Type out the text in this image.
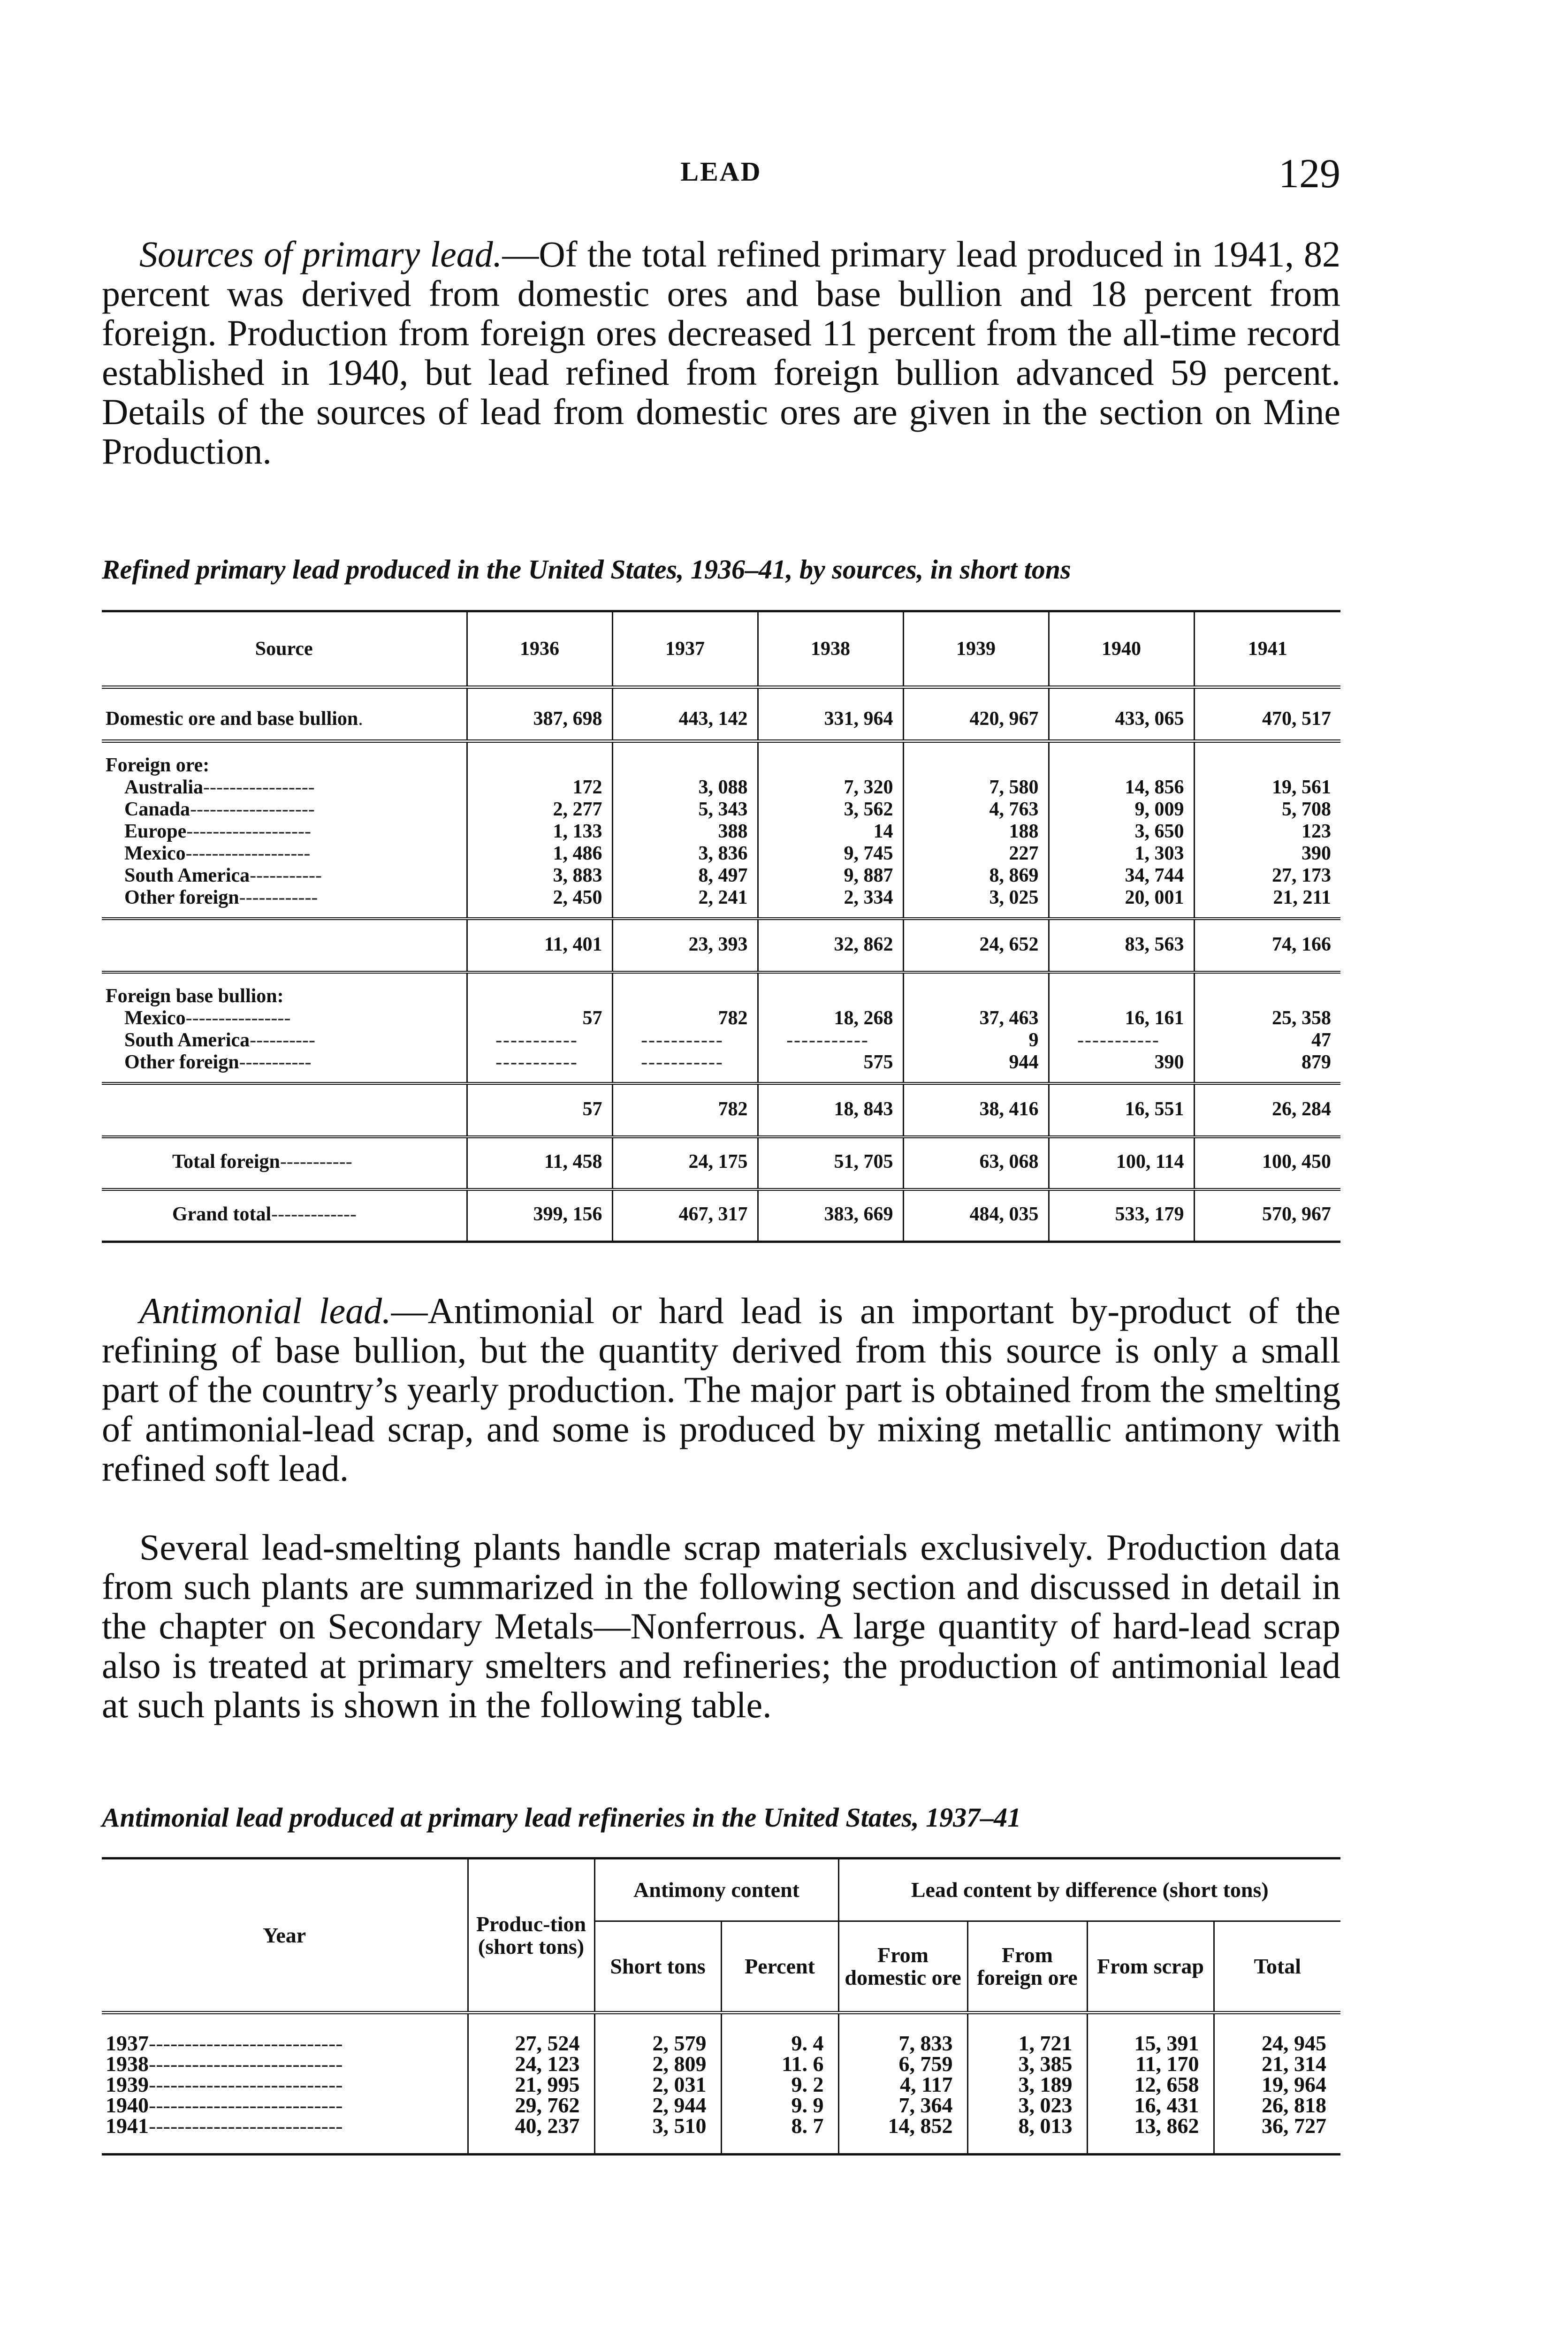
LEAD	129

Sources of primary lead.—Of the total refined primary lead produced in 1941, 82 percent was derived from domestic ores and base bullion and 18 percent from foreign. Production from foreign ores decreased 11 percent from the all-time record established in 1940, but lead refined from foreign bullion advanced 59 percent. Details of the sources of lead from domestic ores are given in the section on Mine Production.

Refined primary lead produced in the United States, 1936–41, by sources, in short tons

Source	1936	1937	1938	1939	1940	1941
Domestic ore and base bullion.	387, 698	443, 142	331, 964	420, 967	433, 065	470, 517
Foreign ore:						
Australia-----------------	172	3, 088	7, 320	7, 580	14, 856	19, 561
Canada-------------------	2, 277	5, 343	3, 562	4, 763	9, 009	5, 708
Europe-------------------	1, 133	388	14	188	3, 650	123
Mexico-------------------	1, 486	3, 836	9, 745	227	1, 303	390
South America-----------	3, 883	8, 497	9, 887	8, 869	34, 744	27, 173
Other foreign------------	2, 450	2, 241	2, 334	3, 025	20, 001	21, 211
	11, 401	23, 393	32, 862	24, 652	83, 563	74, 166
Foreign base bullion:						
Mexico----------------	57	782	18, 268	37, 463	16, 161	25, 358
South America----------	-----------	-----------	-----------	9	-----------	47
Other foreign-----------	-----------	-----------	575	944	390	879
	57	782	18, 843	38, 416	16, 551	26, 284
Total foreign-----------	11, 458	24, 175	51, 705	63, 068	100, 114	100, 450
Grand total-------------	399, 156	467, 317	383, 669	484, 035	533, 179	570, 967

Antimonial lead.—Antimonial or hard lead is an important by-product of the refining of base bullion, but the quantity derived from this source is only a small part of the country’s yearly production. The major part is obtained from the smelting of antimonial-lead scrap, and some is produced by mixing metallic antimony with refined soft lead.

Several lead-smelting plants handle scrap materials exclusively. Production data from such plants are summarized in the following section and discussed in detail in the chapter on Secondary Metals—Nonferrous. A large quantity of hard-lead scrap also is treated at primary smelters and refineries; the production of antimonial lead at such plants is shown in the following table.

Antimonial lead produced at primary lead refineries in the United States, 1937–41

Year	Produc-tion (short tons)	Antimony content		Lead content by difference (short tons)			
		Short tons	Percent	From domestic ore	From foreign ore	From scrap	Total
1937---------------------------	27, 524	2, 579	9. 4	7, 833	1, 721	15, 391	24, 945
1938---------------------------	24, 123	2, 809	11. 6	6, 759	3, 385	11, 170	21, 314
1939---------------------------	21, 995	2, 031	9. 2	4, 117	3, 189	12, 658	19, 964
1940---------------------------	29, 762	2, 944	9. 9	7, 364	3, 023	16, 431	26, 818
1941---------------------------	40, 237	3, 510	8. 7	14, 852	8, 013	13, 862	36, 727
